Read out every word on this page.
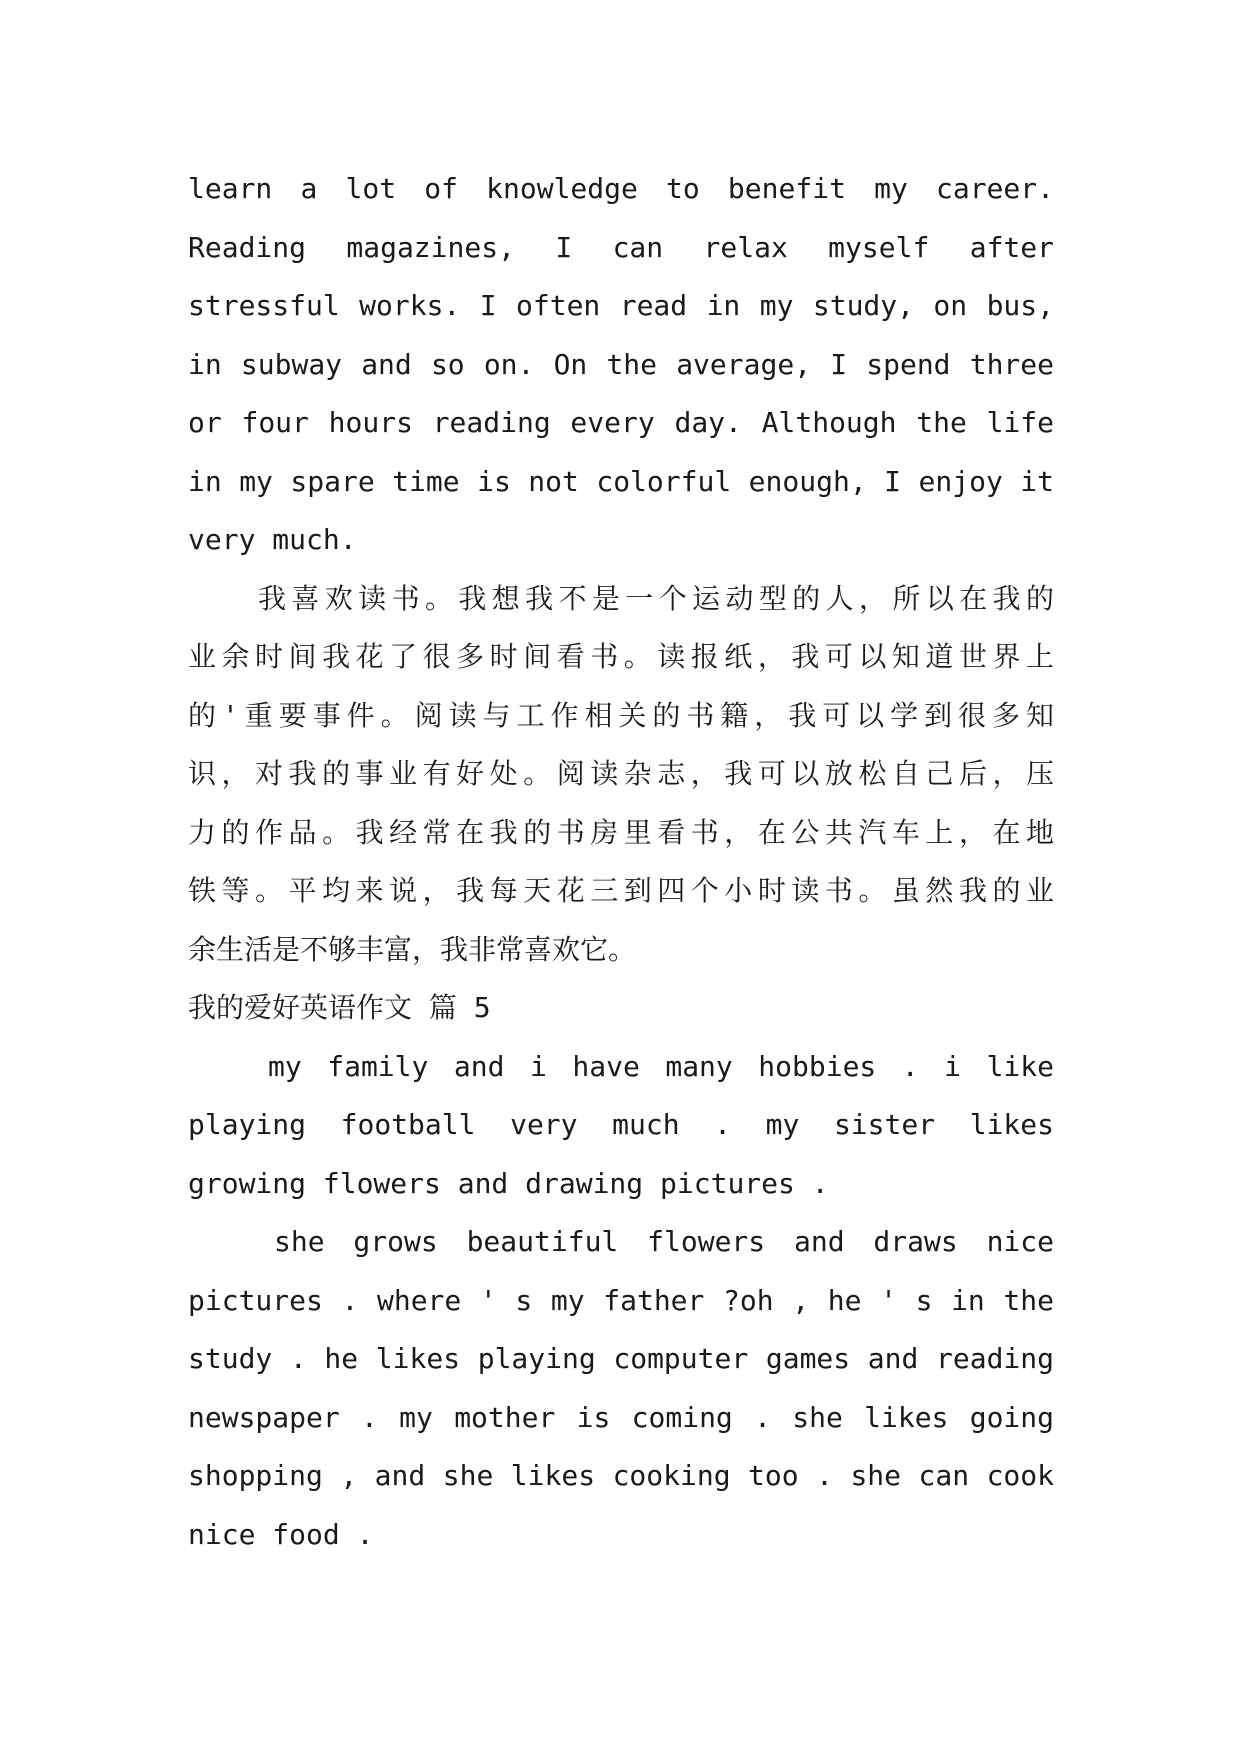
learn a lot of knowledge to benefit my career.
Reading magazines, I can relax myself after
stressful works. I often read in my study, on bus,
in subway and so on. On the average, I spend three
or four hours reading every day. Although the life
in my spare time is not colorful enough, I enjoy it
very much.
我喜欢读书。我想我不是一个运动型的人，所以在我的
业余时间我花了很多时间看书。读报纸，我可以知道世界上
的'重要事件。阅读与工作相关的书籍，我可以学到很多知
识，对我的事业有好处。阅读杂志，我可以放松自己后，压
力的作品。我经常在我的书房里看书，在公共汽车上，在地
铁等。平均来说，我每天花三到四个小时读书。虽然我的业
余生活是不够丰富，我非常喜欢它。
我的爱好英语作文 篇 5
my family and i have many hobbies . i like
playing football very much . my sister likes
growing flowers and drawing pictures .
she grows beautiful flowers and draws nice
pictures . where ' s my father ?oh , he ' s in the
study . he likes playing computer games and reading
newspaper . my mother is coming . she likes going
shopping , and she likes cooking too . she can cook
nice food .
